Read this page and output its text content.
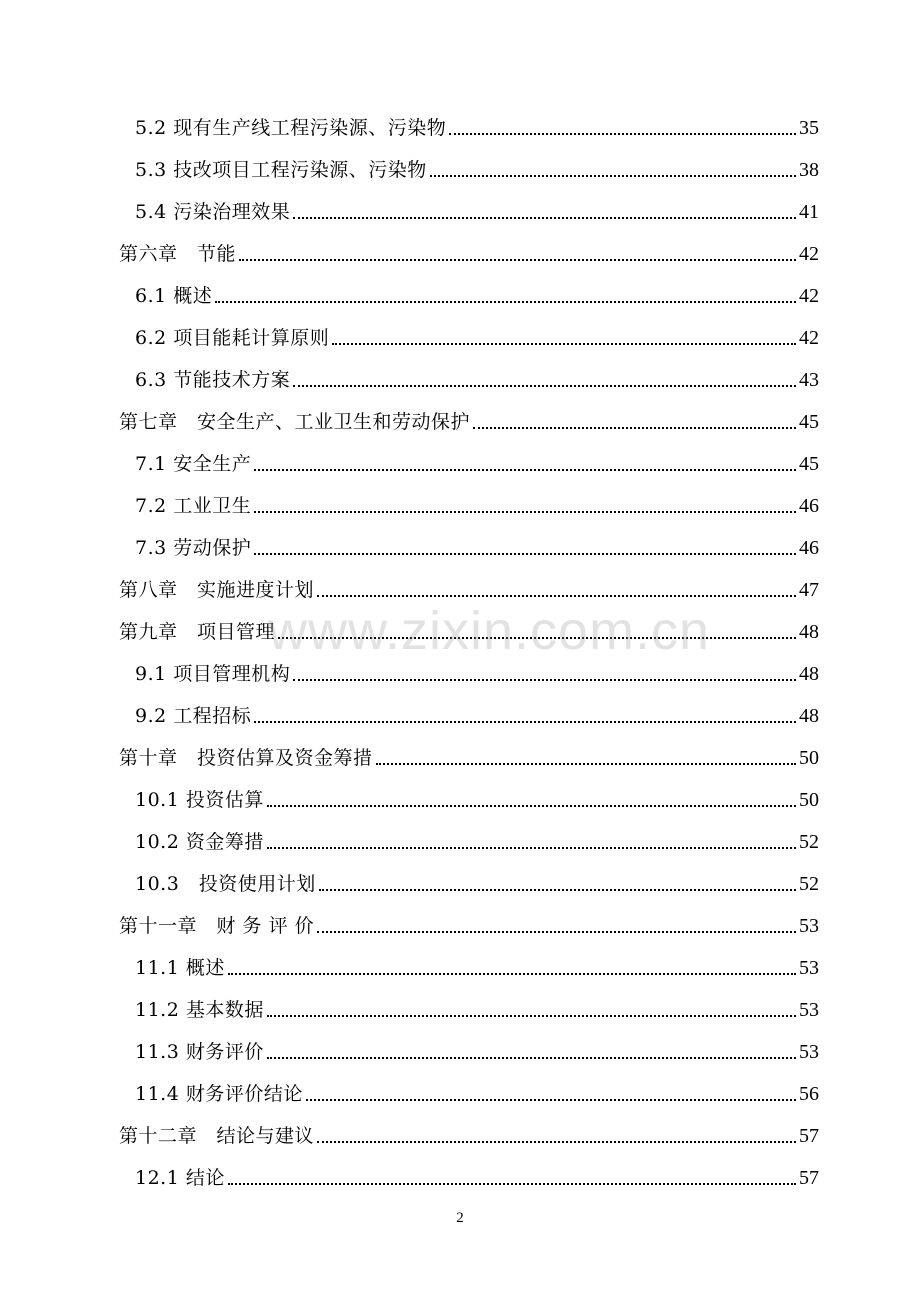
5.2 现有生产线工程污染源、污染物	35
5.3 技改项目工程污染源、污染物	38
5.4 污染治理效果	41
第六章　节能	42
6.1 概述	42
6.2 项目能耗计算原则	42
6.3 节能技术方案	43
第七章　安全生产、工业卫生和劳动保护	45
7.1 安全生产	45
7.2 工业卫生	46
7.3 劳动保护	46
第八章　实施进度计划	47
第九章　项目管理	48
9.1 项目管理机构	48
9.2 工程招标	48
第十章　投资估算及资金筹措	50
10.1 投资估算	50
10.2 资金筹措	52
10.3　投资使用计划	52
第十一章　财 务 评 价	53
11.1 概述	53
11.2 基本数据	53
11.3 财务评价	53
11.4 财务评价结论	56
第十二章　结论与建议	57
12.1 结论	57
www.zixin.com.cn
2
